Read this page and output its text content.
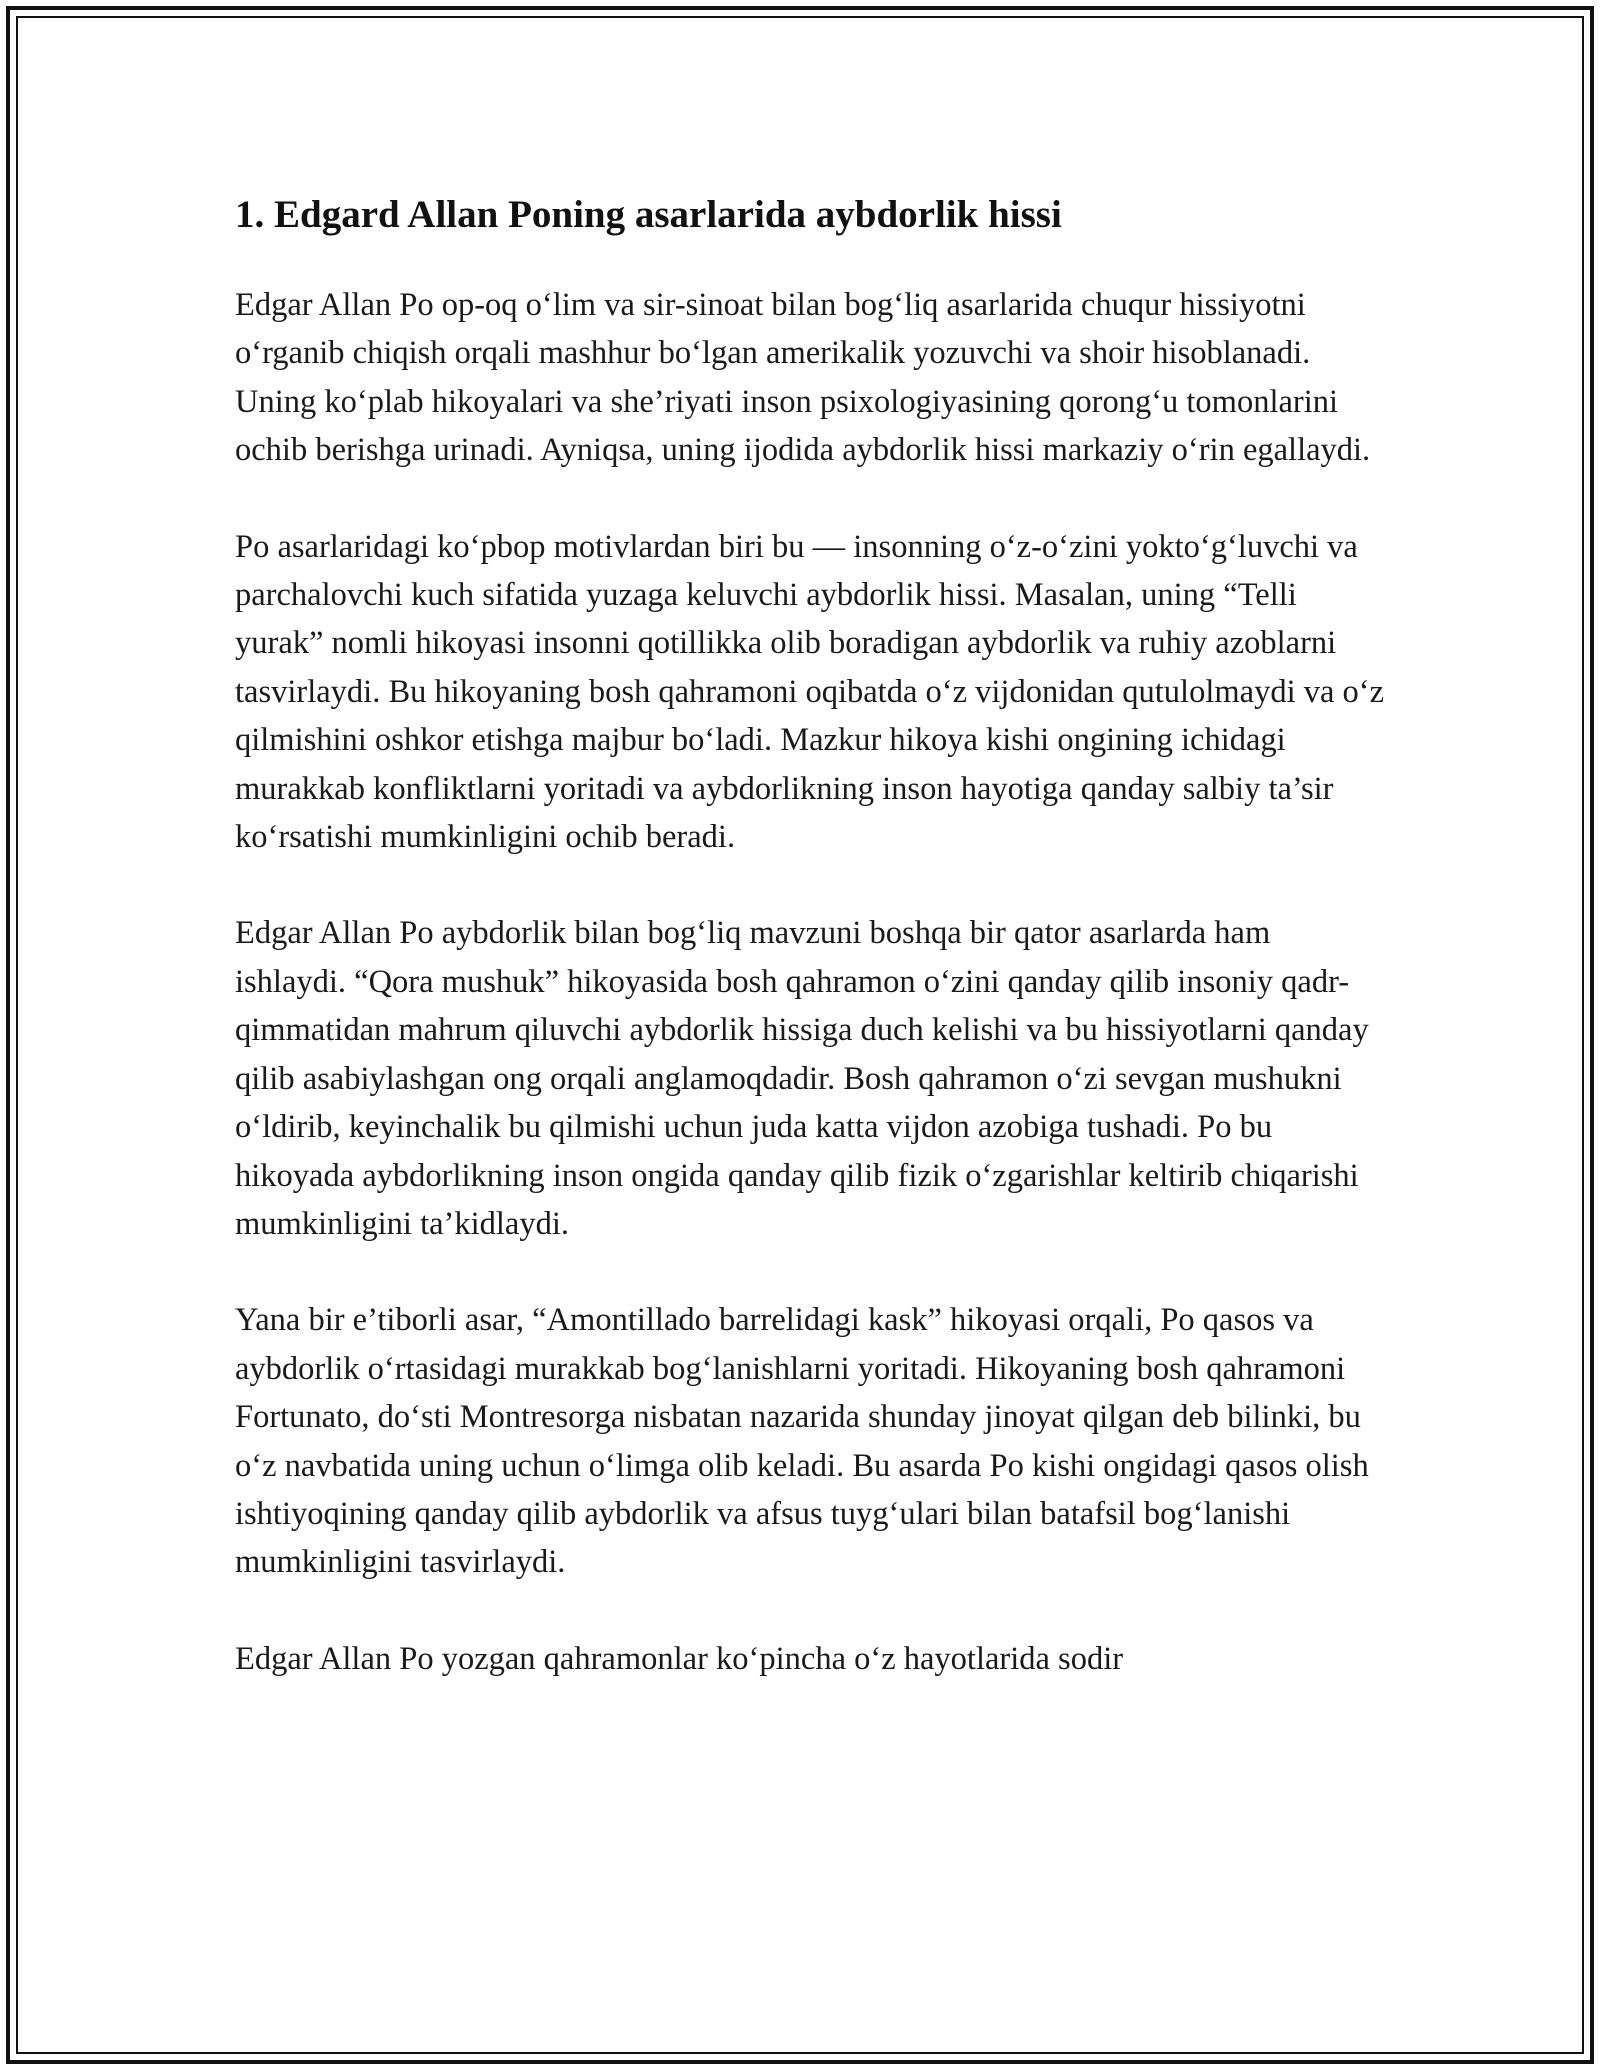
1. Edgard Allan Poning asarlarida aybdorlik hissi

Edgar Allan Po op-oq o‘lim va sir-sinoat bilan bog‘liq asarlarida chuqur hissiyotni o‘rganib chiqish orqali mashhur bo‘lgan amerikalik yozuvchi va shoir hisoblanadi. Uning ko‘plab hikoyalari va she’riyati inson psixologiyasining qorong‘u tomonlarini ochib berishga urinadi. Ayniqsa, uning ijodida aybdorlik hissi markaziy o‘rin egallaydi.

Po asarlaridagi ko‘pbop motivlardan biri bu — insonning o‘z-o‘zini yokto‘g‘luvchi va parchalovchi kuch sifatida yuzaga keluvchi aybdorlik hissi. Masalan, uning “Telli yurak” nomli hikoyasi insonni qotillikka olib boradigan aybdorlik va ruhiy azoblarni tasvirlaydi. Bu hikoyaning bosh qahramoni oqibatda o‘z vijdonidan qutulolmaydi va o‘z qilmishini oshkor etishga majbur bo‘ladi. Mazkur hikoya kishi ongining ichidagi murakkab konfliktlarni yoritadi va aybdorlikning inson hayotiga qanday salbiy ta’sir ko‘rsatishi mumkinligini ochib beradi.

Edgar Allan Po aybdorlik bilan bog‘liq mavzuni boshqa bir qator asarlarda ham ishlaydi. “Qora mushuk” hikoyasida bosh qahramon o‘zini qanday qilib insoniy qadr-qimmatidan mahrum qiluvchi aybdorlik hissiga duch kelishi va bu hissiyotlarni qanday qilib asabiylashgan ong orqali anglamoqdadir. Bosh qahramon o‘zi sevgan mushukni o‘ldirib, keyinchalik bu qilmishi uchun juda katta vijdon azobiga tushadi. Po bu hikoyada aybdorlikning inson ongida qanday qilib fizik o‘zgarishlar keltirib chiqarishi mumkinligini ta’kidlaydi.

Yana bir e’tiborli asar, “Amontillado barrelidagi kask” hikoyasi orqali, Po qasos va aybdorlik o‘rtasidagi murakkab bog‘lanishlarni yoritadi. Hikoyaning bosh qahramoni Fortunato, do‘sti Montresorga nisbatan nazarida shunday jinoyat qilgan deb bilinki, bu o‘z navbatida uning uchun o‘limga olib keladi. Bu asarda Po kishi ongidagi qasos olish ishtiyoqining qanday qilib aybdorlik va afsus tuyg‘ulari bilan batafsil bog‘lanishi mumkinligini tasvirlaydi.

Edgar Allan Po yozgan qahramonlar ko‘pincha o‘z hayotlarida sodir
